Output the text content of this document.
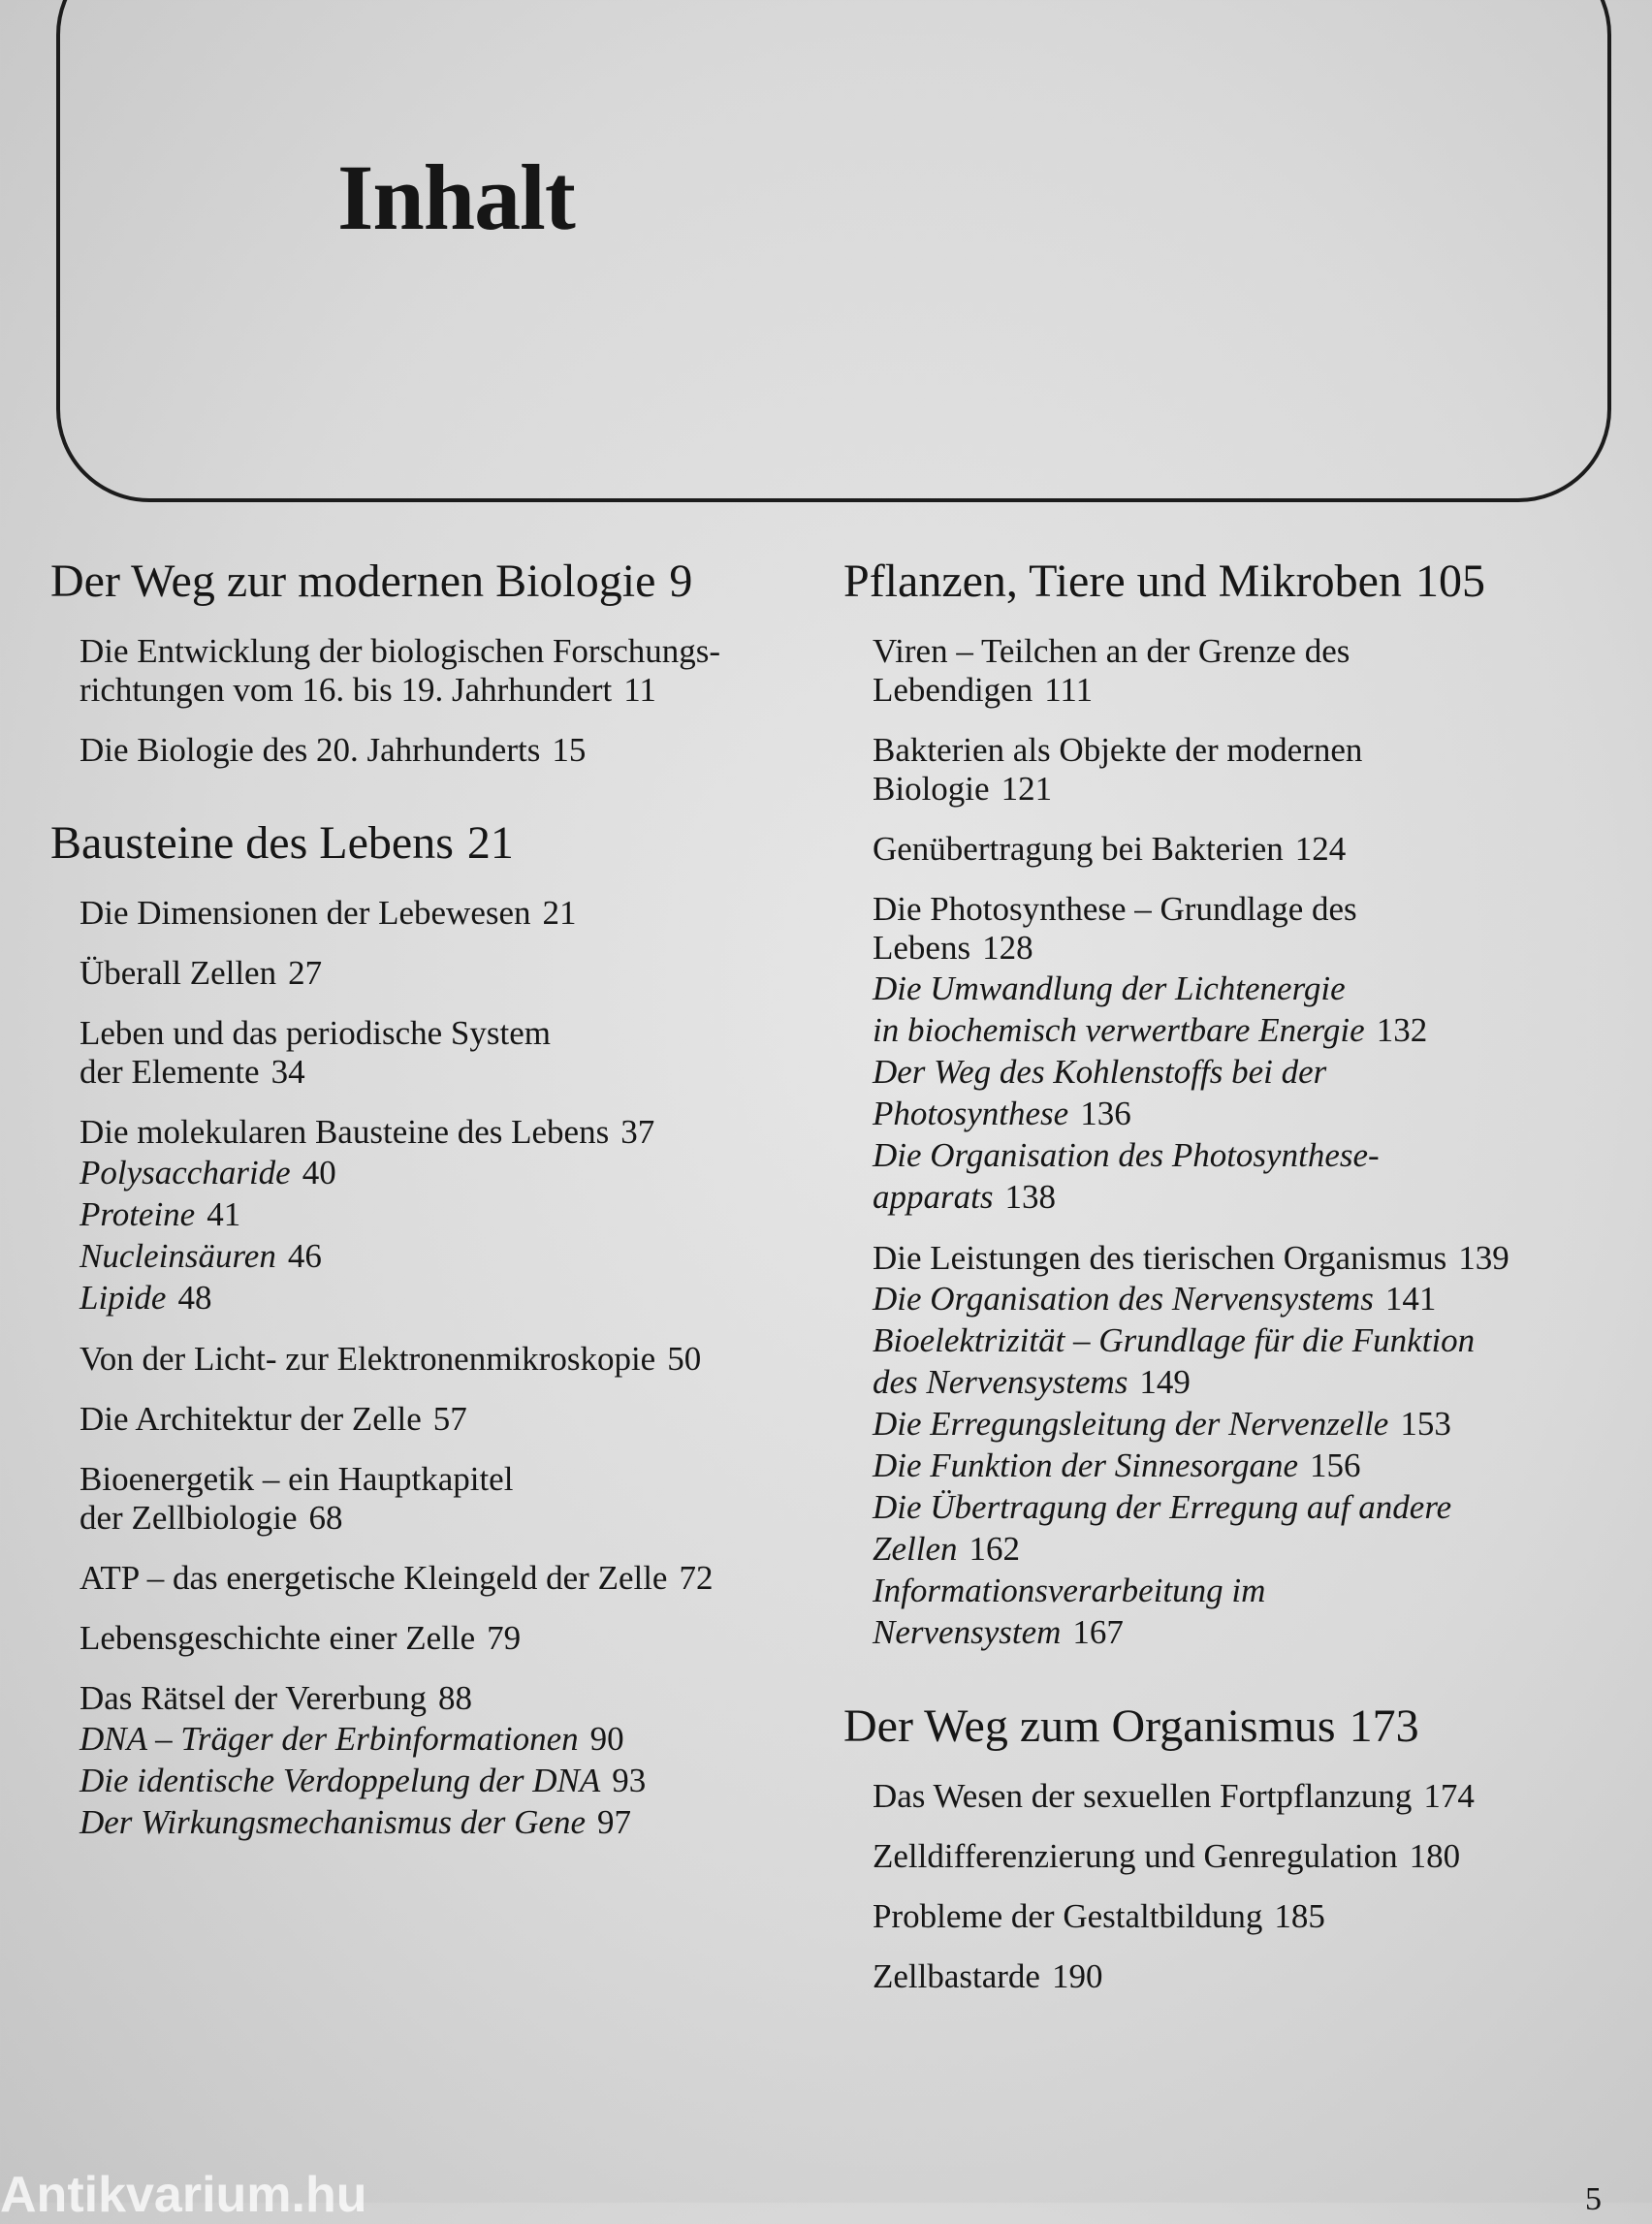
Inhalt
Der Weg zur modernen Biologie 9
Die Entwicklung der biologischen Forschungs-
richtungen vom 16. bis 19. Jahrhundert 11
Die Biologie des 20. Jahrhunderts 15
Bausteine des Lebens 21
Die Dimensionen der Lebewesen 21
Überall Zellen 27
Leben und das periodische System
der Elemente 34
Die molekularen Bausteine des Lebens 37
Polysaccharide 40
Proteine 41
Nucleinsäuren 46
Lipide 48
Von der Licht- zur Elektronenmikroskopie 50
Die Architektur der Zelle 57
Bioenergetik – ein Hauptkapitel
der Zellbiologie 68
ATP – das energetische Kleingeld der Zelle 72
Lebensgeschichte einer Zelle 79
Das Rätsel der Vererbung 88
DNA – Träger der Erbinformationen 90
Die identische Verdoppelung der DNA 93
Der Wirkungsmechanismus der Gene 97
Pflanzen, Tiere und Mikroben 105
Viren – Teilchen an der Grenze des
Lebendigen 111
Bakterien als Objekte der modernen
Biologie 121
Genübertragung bei Bakterien 124
Die Photosynthese – Grundlage des
Lebens 128
Die Umwandlung der Lichtenergie
in biochemisch verwertbare Energie 132
Der Weg des Kohlenstoffs bei der
Photosynthese 136
Die Organisation des Photosynthese-
apparats 138
Die Leistungen des tierischen Organismus 139
Die Organisation des Nervensystems 141
Bioelektrizität – Grundlage für die Funktion
des Nervensystems 149
Die Erregungsleitung der Nervenzelle 153
Die Funktion der Sinnesorgane 156
Die Übertragung der Erregung auf andere
Zellen 162
Informationsverarbeitung im
Nervensystem 167
Der Weg zum Organismus 173
Das Wesen der sexuellen Fortpflanzung 174
Zelldifferenzierung und Genregulation 180
Probleme der Gestaltbildung 185
Zellbastarde 190
Antikvarium.hu	5
